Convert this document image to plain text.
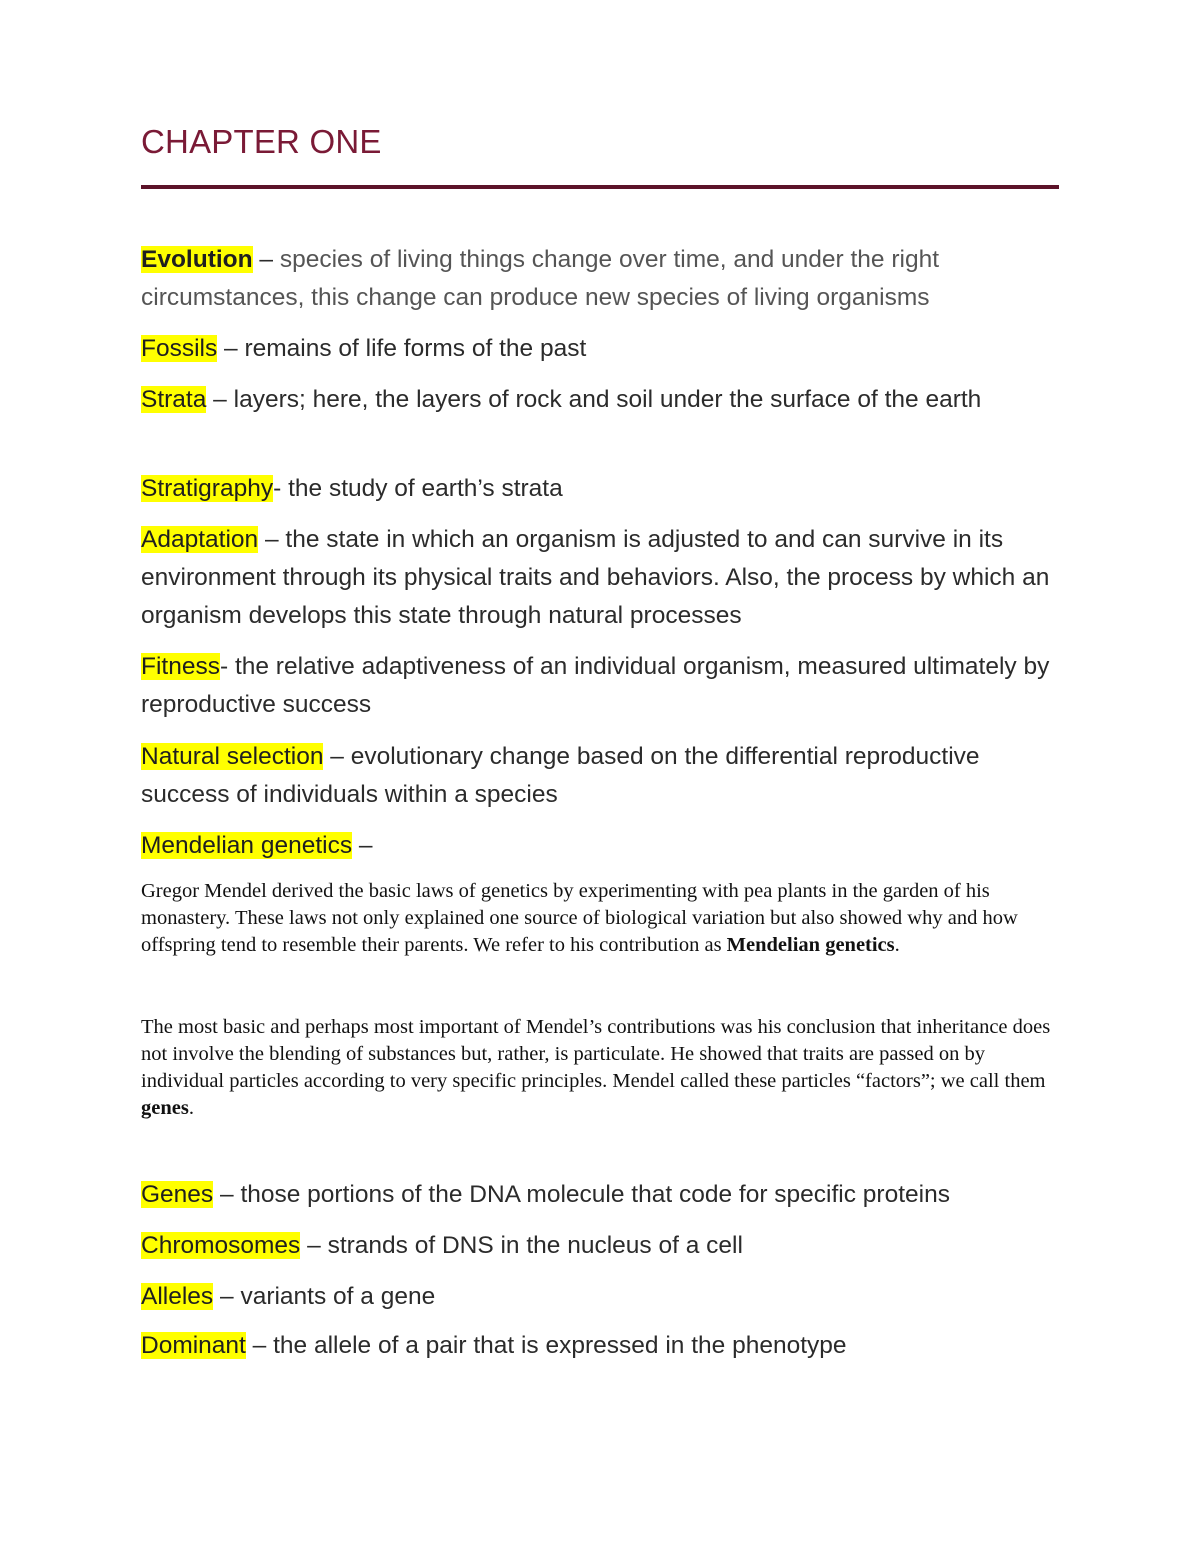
CHAPTER ONE

Evolution – species of living things change over time, and under the right circumstances, this change can produce new species of living organisms

Fossils – remains of life forms of the past

Strata – layers; here, the layers of rock and soil under the surface of the earth

Stratigraphy- the study of earth’s strata

Adaptation – the state in which an organism is adjusted to and can survive in its environment through its physical traits and behaviors. Also, the process by which an organism develops this state through natural processes

Fitness- the relative adaptiveness of an individual organism, measured ultimately by reproductive success

Natural selection – evolutionary change based on the differential reproductive success of individuals within a species

Mendelian genetics –

Gregor Mendel derived the basic laws of genetics by experimenting with pea plants in the garden of his monastery. These laws not only explained one source of biological variation but also showed why and how offspring tend to resemble their parents. We refer to his contribution as Mendelian genetics.

The most basic and perhaps most important of Mendel’s contributions was his conclusion that inheritance does not involve the blending of substances but, rather, is particulate. He showed that traits are passed on by individual particles according to very specific principles. Mendel called these particles “factors”; we call them genes.

Genes – those portions of the DNA molecule that code for specific proteins

Chromosomes – strands of DNS in the nucleus of a cell

Alleles – variants of a gene

Dominant – the allele of a pair that is expressed in the phenotype
